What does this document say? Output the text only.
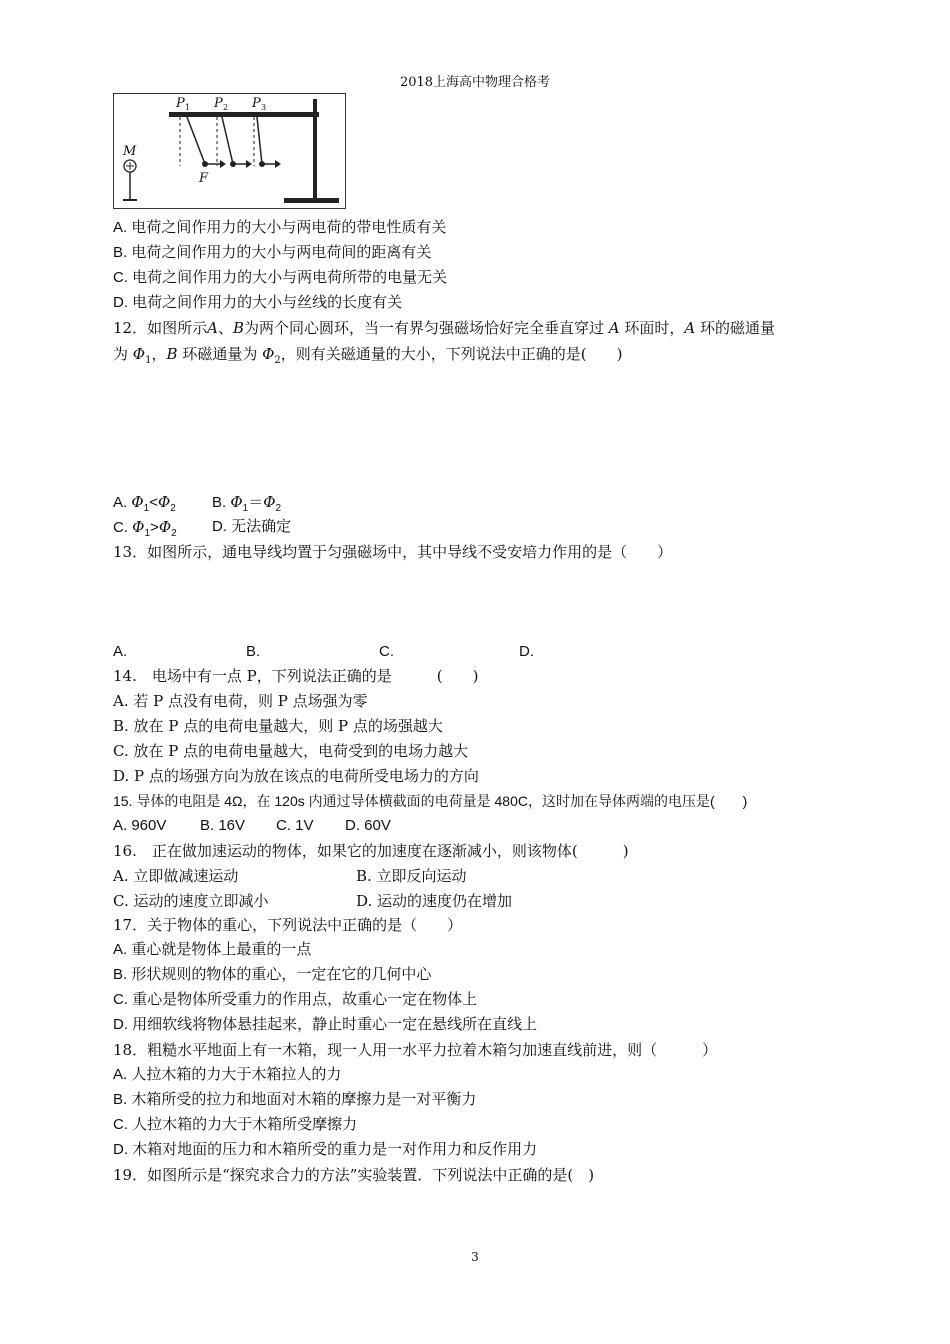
2018上海高中物理合格考
P 1 P 2 P 3
M
F
A. 电荷之间作用力的大小与两电荷的带电性质有关
B. 电荷之间作用力的大小与两电荷间的距离有关
C. 电荷之间作用力的大小与两电荷所带的电量无关
D. 电荷之间作用力的大小与丝线的长度有关
12．如图所示A、B为两个同心圆环，当一有界匀强磁场恰好完全垂直穿过 A 环面时，A 环的磁通量
为 $\Phi_1$，B 环磁通量为 $\Phi_2$，则有关磁通量的大小，下列说法中正确的是(　　)
A. $\Phi_1<\Phi_2$ B. $\Phi_1=\Phi_2$
C. $\Phi_1>\Phi_2$ D. 无法确定
13．如图所示，通电导线均置于匀强磁场中，其中导线不受安培力作用的是（　　）
A.	B.	C.	D.
14.　电场中有一点 P，下列说法正确的是　　　(　　)
A. 若 P 点没有电荷，则 P 点场强为零
B. 放在 P 点的电荷电量越大，则 P 点的场强越大
C. 放在 P 点的电荷电量越大，电荷受到的电场力越大
D. P 点的场强方向为放在该点的电荷所受电场力的方向
15. 导体的电阻是 4Ω，在 120s 内通过导体横截面的电荷量是 480C，这时加在导体两端的电压是(　　)
A. 960V B. 16V C. 1V D. 60V
16.　正在做加速运动的物体，如果它的加速度在逐渐减小，则该物体(　　　)
A. 立即做减速运动	B. 立即反向运动
C. 运动的速度立即减小	D. 运动的速度仍在增加
17．关于物体的重心，下列说法中正确的是（　　）
A. 重心就是物体上最重的一点
B. 形状规则的物体的重心，一定在它的几何中心
C. 重心是物体所受重力的作用点，故重心一定在物体上
D. 用细软线将物体悬挂起来，静止时重心一定在悬线所在直线上
18．粗糙水平地面上有一木箱，现一人用一水平力拉着木箱匀加速直线前进，则（　　　）
A. 人拉木箱的力大于木箱拉人的力
B. 木箱所受的拉力和地面对木箱的摩擦力是一对平衡力
C. 人拉木箱的力大于木箱所受摩擦力
D. 木箱对地面的压力和木箱所受的重力是一对作用力和反作用力
19．如图所示是“探究求合力的方法”实验装置．下列说法中正确的是(　)
3
